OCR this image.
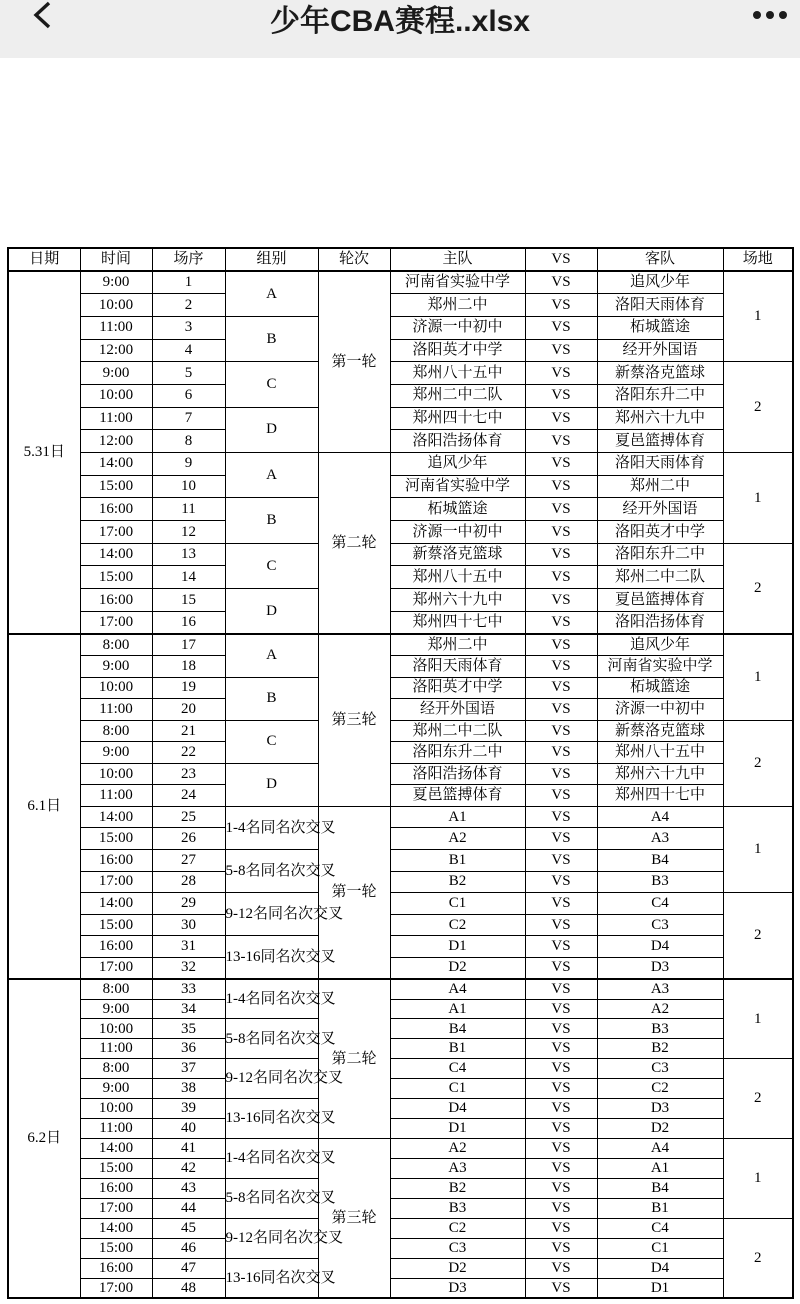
少年CBA赛程..xlsx
日期	时间	场序	组别	轮次	主队	VS	客队	场地
5.31日	9:00	1	A	第一轮	河南省实验中学	VS	追风少年	1
	10:00	2			郑州二中	VS	洛阳天雨体育	
	11:00	3	B		济源一中初中	VS	柘城篮途	
	12:00	4			洛阳英才中学	VS	经开外国语	
	9:00	5	C		郑州八十五中	VS	新蔡洛克篮球	2
	10:00	6			郑州二中二队	VS	洛阳东升二中	
	11:00	7	D		郑州四十七中	VS	郑州六十九中	
	12:00	8			洛阳浩扬体育	VS	夏邑篮搏体育	
	14:00	9	A	第二轮	追风少年	VS	洛阳天雨体育	1
	15:00	10			河南省实验中学	VS	郑州二中	
	16:00	11	B		柘城篮途	VS	经开外国语	
	17:00	12			济源一中初中	VS	洛阳英才中学	
	14:00	13	C		新蔡洛克篮球	VS	洛阳东升二中	2
	15:00	14			郑州八十五中	VS	郑州二中二队	
	16:00	15	D		郑州六十九中	VS	夏邑篮搏体育	
	17:00	16			郑州四十七中	VS	洛阳浩扬体育	
6.1日	8:00	17	A	第三轮	郑州二中	VS	追风少年	1
	9:00	18			洛阳天雨体育	VS	河南省实验中学	
	10:00	19	B		洛阳英才中学	VS	柘城篮途	
	11:00	20			经开外国语	VS	济源一中初中	
	8:00	21	C		郑州二中二队	VS	新蔡洛克篮球	2
	9:00	22			洛阳东升二中	VS	郑州八十五中	
	10:00	23	D		洛阳浩扬体育	VS	郑州六十九中	
	11:00	24			夏邑篮搏体育	VS	郑州四十七中	
	14:00	25	1-4名同名次交叉	第一轮	A1	VS	A4	1
	15:00	26			A2	VS	A3	
	16:00	27	5-8名同名次交叉		B1	VS	B4	
	17:00	28			B2	VS	B3	
	14:00	29	9-12名同名次交叉		C1	VS	C4	2
	15:00	30			C2	VS	C3	
	16:00	31	13-16同名次交叉		D1	VS	D4	
	17:00	32			D2	VS	D3	
6.2日	8:00	33	1-4名同名次交叉	第二轮	A4	VS	A3	1
	9:00	34			A1	VS	A2	
	10:00	35	5-8名同名次交叉		B4	VS	B3	
	11:00	36			B1	VS	B2	
	8:00	37	9-12名同名次交叉		C4	VS	C3	2
	9:00	38			C1	VS	C2	
	10:00	39	13-16同名次交叉		D4	VS	D3	
	11:00	40			D1	VS	D2	
	14:00	41	1-4名同名次交叉	第三轮	A2	VS	A4	1
	15:00	42			A3	VS	A1	
	16:00	43	5-8名同名次交叉		B2	VS	B4	
	17:00	44			B3	VS	B1	
	14:00	45	9-12名同名次交叉		C2	VS	C4	2
	15:00	46			C3	VS	C1	
	16:00	47	13-16同名次交叉		D2	VS	D4	
	17:00	48			D3	VS	D1	
